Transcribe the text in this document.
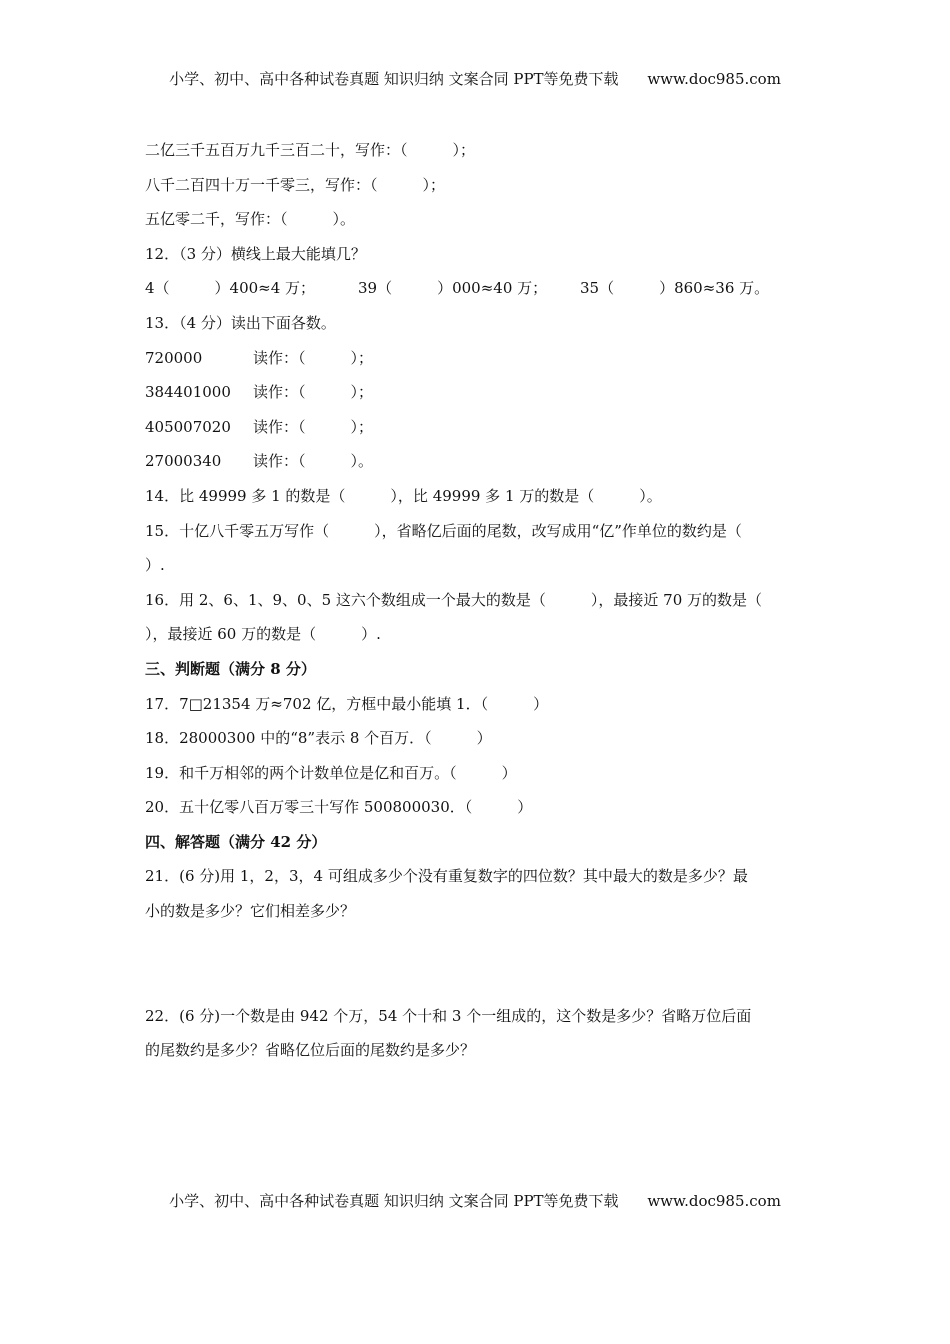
小学、初中、高中各种试卷真题 知识归纳 文案合同 PPT等免费下载 www.doc985.com
二亿三千五百万九千三百二十，写作：（　　　）；
八千二百四十万一千零三，写作：（　　　）；
五亿零二千，写作：（　　　）。
12．（3 分）横线上最大能填几？
4（　　　）400≈4 万；	39（　　　）000≈40 万； 35（　　　）860≈36 万。
13．（4 分）读出下面各数。
720000	读作：（　　　）；
384401000 读作：（　　　）；
405007020 读作：（　　　）；
27000340 读作：（　　　）。
14．比 49999 多 1 的数是（　　　），比 49999 多 1 万的数是（　　　）。
15．十亿八千零五万写作（　　　），省略亿后面的尾数，改写成用“亿”作单位的数约是（
）.
16．用 2、6、1、9、0、5 这六个数组成一个最大的数是（　　　），最接近 70 万的数是（
），最接近 60 万的数是（　　　）.
三、判断题（满分 8 分）
17．7□21354 万≈702 亿，方框中最小能填 1．（　　　）
18．28000300 中的“8”表示 8 个百万．（　　　）
19．和千万相邻的两个计数单位是亿和百万。（　　　）
20．五十亿零八百万零三十写作 500800030．（　　　）
四、解答题（满分 42 分）
21．(6 分)用 1，2，3，4 可组成多少个没有重复数字的四位数？其中最大的数是多少？最
小的数是多少？它们相差多少？
22．(6 分)一个数是由 942 个万，54 个十和 3 个一组成的，这个数是多少？省略万位后面
的尾数约是多少？省略亿位后面的尾数约是多少？
小学、初中、高中各种试卷真题 知识归纳 文案合同 PPT等免费下载 www.doc985.com
